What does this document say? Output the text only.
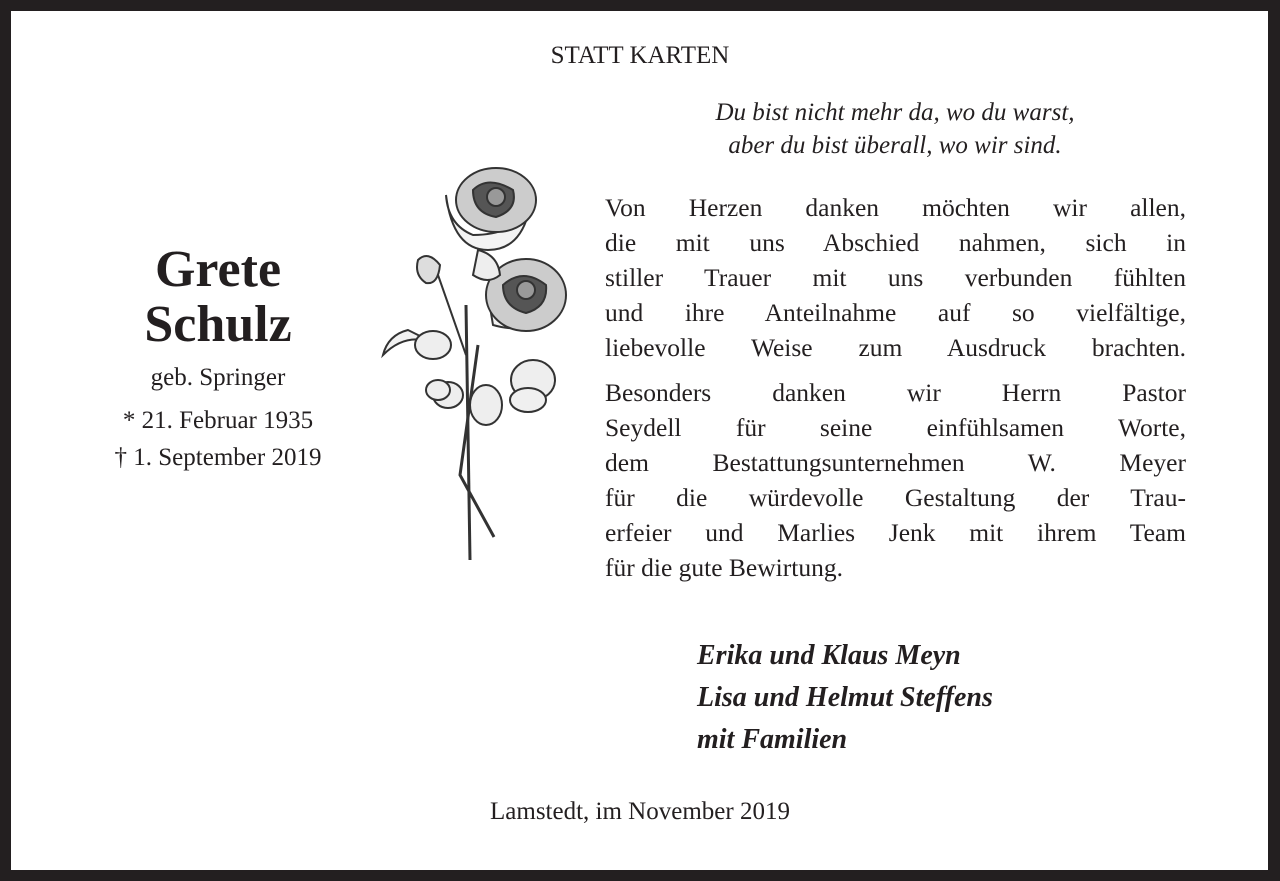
STATT KARTEN
Du bist nicht mehr da, wo du warst,
aber du bist überall, wo wir sind.
Grete
Schulz
geb. Springer
* 21. Februar 1935
† 1. September 2019
Von Herzen danken möchten wir allen,
die mit uns Abschied nahmen, sich in
stiller Trauer mit uns verbunden fühlten
und ihre Anteilnahme auf so vielfältige,
liebevolle Weise zum Ausdruck brachten.
Besonders danken wir Herrn Pastor
Seydell für seine einfühlsamen Worte,
dem Bestattungsunternehmen W. Meyer
für die würdevolle Gestaltung der Trau-
erfeier und Marlies Jenk mit ihrem Team
für die gute Bewirtung.
Erika und Klaus Meyn
Lisa und Helmut Steffens
mit Familien
Lamstedt, im November 2019
